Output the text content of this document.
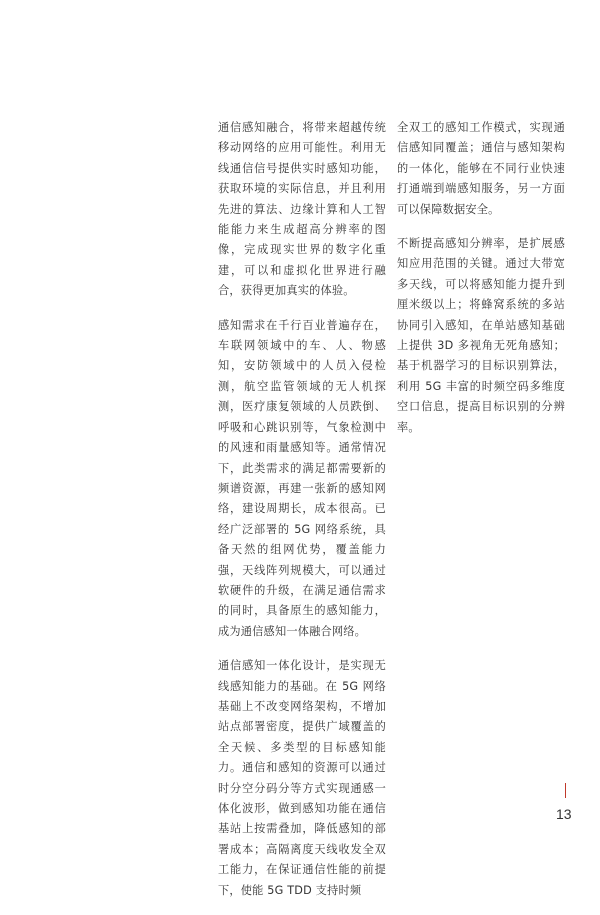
通信感知融合，将带来超越传统移动网络的应用可能性。利用无线通信信号提供实时感知功能，获取环境的实际信息，并且利用先进的算法、边缘计算和人工智能能力来生成超高分辨率的图像，完成现实世界的数字化重建，可以和虚拟化世界进行融合，获得更加真实的体验。

感知需求在千行百业普遍存在，车联网领域中的车、人、物感知，安防领域中的人员入侵检测，航空监管领域的无人机探测，医疗康复领域的人员跌倒、呼吸和心跳识别等，气象检测中的风速和雨量感知等。通常情况下，此类需求的满足都需要新的频谱资源，再建一张新的感知网络，建设周期长，成本很高。已经广泛部署的 5G 网络系统，具备天然的组网优势，覆盖能力强，天线阵列规模大，可以通过软硬件的升级，在满足通信需求的同时，具备原生的感知能力，成为通信感知一体融合网络。

通信感知一体化设计，是实现无线感知能力的基础。在 5G 网络基础上不改变网络架构，不增加站点部署密度，提供广域覆盖的全天候、多类型的目标感知能力。通信和感知的资源可以通过时分空分码分等方式实现通感一体化波形，做到感知功能在通信基站上按需叠加，降低感知的部署成本；高隔离度天线收发全双工能力，在保证通信性能的前提下，使能 5G TDD 支持时频

全双工的感知工作模式，实现通信感知同覆盖；通信与感知架构的一体化，能够在不同行业快速打通端到端感知服务，另一方面可以保障数据安全。

不断提高感知分辨率，是扩展感知应用范围的关键。通过大带宽多天线，可以将感知能力提升到厘米级以上；将蜂窝系统的多站协同引入感知，在单站感知基础上提供 3D 多视角无死角感知；基于机器学习的目标识别算法，利用 5G 丰富的时频空码多维度空口信息，提高目标识别的分辨率。

13
